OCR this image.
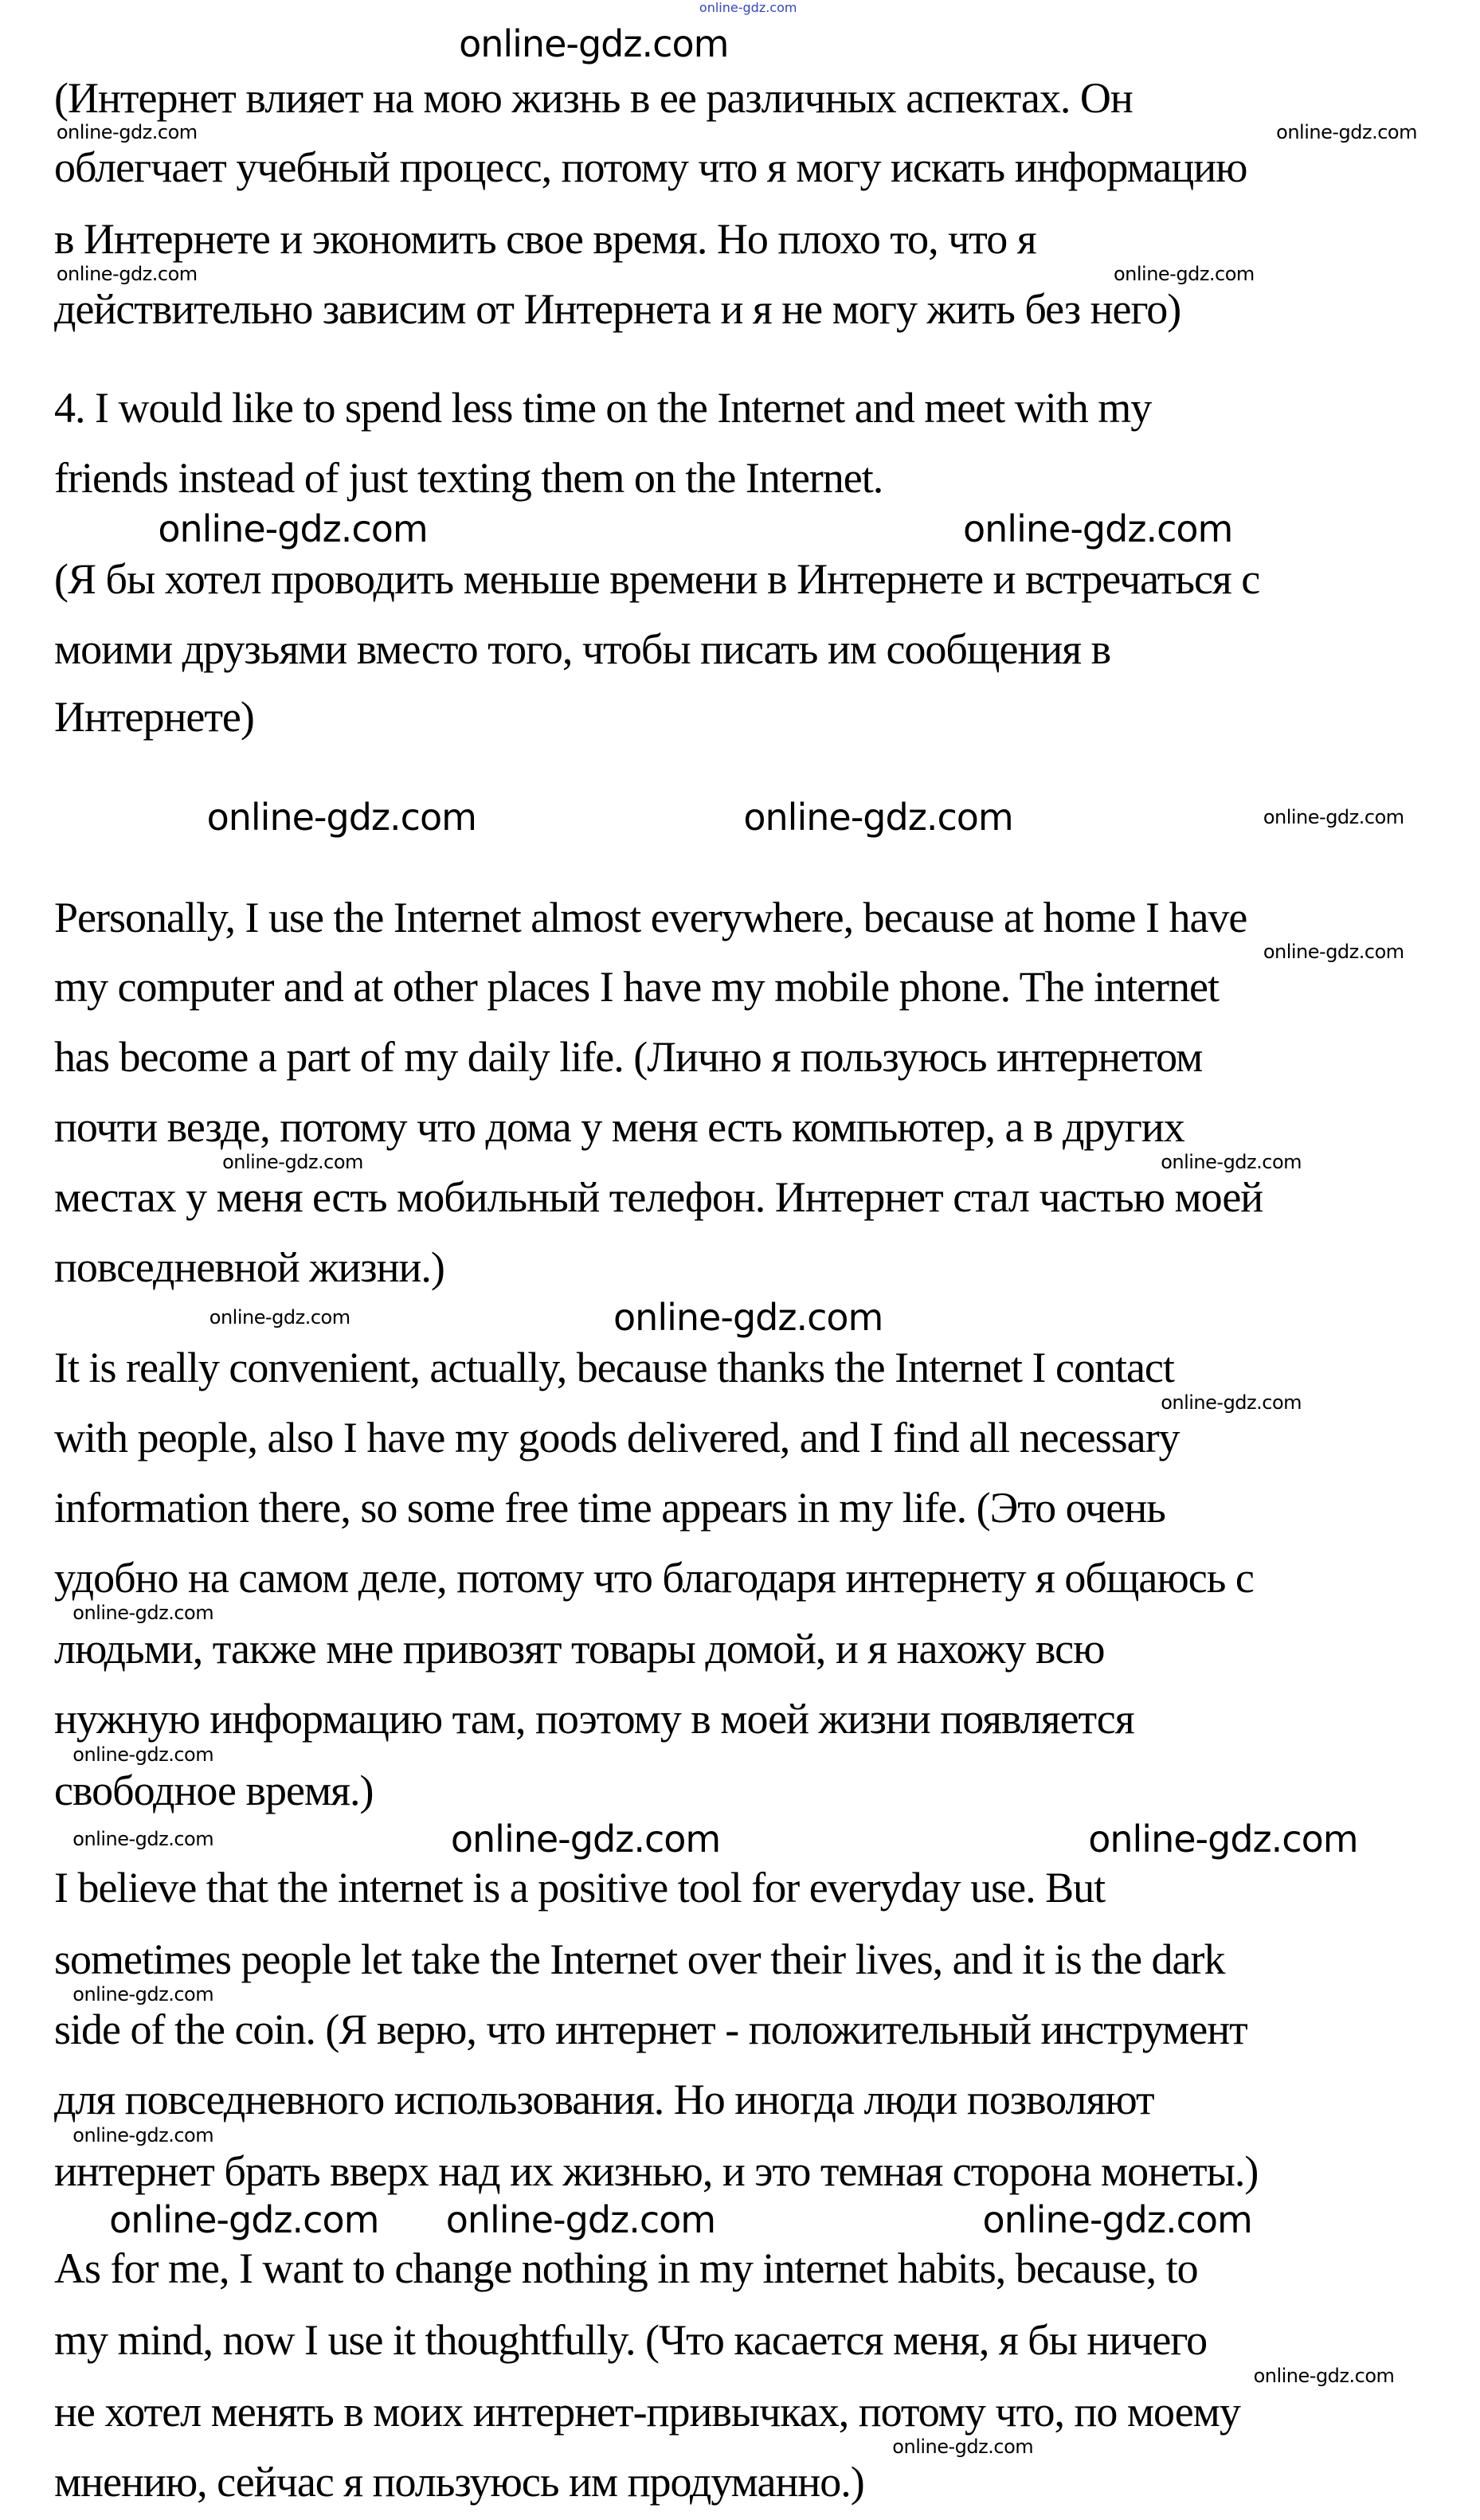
(Интернет влияет на мою жизнь в ее различных аспектах. Он
облегчает учебный процесс, потому что я могу искать информацию
в Интернете и экономить свое время. Но плохо то, что я
действительно зависим от Интернета и я не могу жить без него)
4. I would like to spend less time on the Internet and meet with my
friends instead of just texting them on the Internet.
(Я бы хотел проводить меньше времени в Интернете и встречаться с
моими друзьями вместо того, чтобы писать им сообщения в
Интернете)
Personally, I use the Internet almost everywhere, because at home I have
my computer and at other places I have my mobile phone. The internet
has become a part of my daily life. (Лично я пользуюсь интернетом
почти везде, потому что дома у меня есть компьютер, а в других
местах у меня есть мобильный телефон. Интернет стал частью моей
повседневной жизни.)
It is really convenient, actually, because thanks the Internet I contact
with people, also I have my goods delivered, and I find all necessary
information there, so some free time appears in my life. (Это очень
удобно на самом деле, потому что благодаря интернету я общаюсь с
людьми, также мне привозят товары домой, и я нахожу всю
нужную информацию там, поэтому в моей жизни появляется
свободное время.)
I believe that the internet is a positive tool for everyday use. But
sometimes people let take the Internet over their lives, and it is the dark
side of the coin. (Я верю, что интернет - положительный инструмент
для повседневного использования. Но иногда люди позволяют
интернет брать вверх над их жизнью, и это темная сторона монеты.)
As for me, I want to change nothing in my internet habits, because, to
my mind, now I use it thoughtfully. (Что касается меня, я бы ничего
не хотел менять в моих интернет-привычках, потому что, по моему
мнению, сейчас я пользуюсь им продуманно.)
online-gdz.com
online-gdz.com
online-gdz.com
online-gdz.com
online-gdz.com
online-gdz.com
online-gdz.com
online-gdz.com	online-gdz.com
online-gdz.com
online-gdz.com
online-gdz.com
online-gdz.com
online-gdz.com
online-gdz.com
online-gdz.com
online-gdz.com
online-gdz.com
online-gdz.com
online-gdz.com	online-gdz.com
online-gdz.com	online-gdz.com
online-gdz.com
online-gdz.com	online-gdz.com
online-gdz.com
online-gdz.com
online-gdz.com
